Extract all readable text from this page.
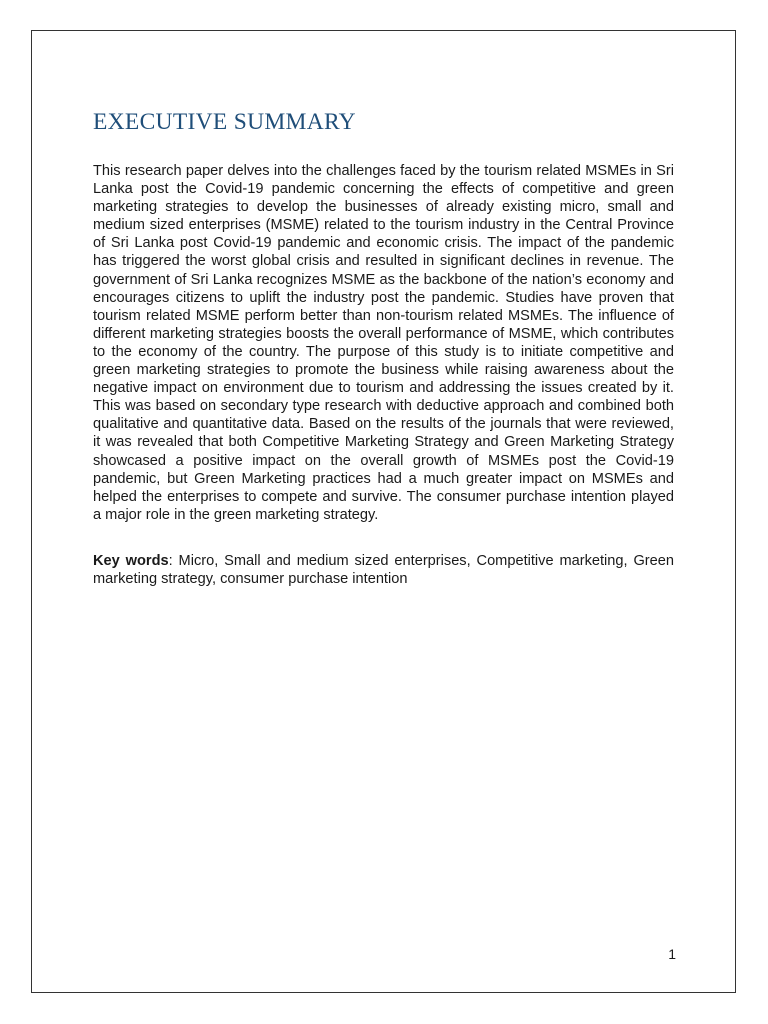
EXECUTIVE SUMMARY

This research paper delves into the challenges faced by the tourism related MSMEs in Sri Lanka post the Covid-19 pandemic concerning the effects of competitive and green marketing strategies to develop the businesses of already existing micro, small and medium sized enterprises (MSME) related to the tourism industry in the Central Province of Sri Lanka post Covid-19 pandemic and economic crisis. The impact of the pandemic has triggered the worst global crisis and resulted in significant declines in revenue. The government of Sri Lanka recognizes MSME as the backbone of the nation’s economy and encourages citizens to uplift the industry post the pandemic. Studies have proven that tourism related MSME perform better than non-tourism related MSMEs. The influence of different marketing strategies boosts the overall performance of MSME, which contributes to the economy of the country. The purpose of this study is to initiate competitive and green marketing strategies to promote the business while raising awareness about the negative impact on environment due to tourism and addressing the issues created by it. This was based on secondary type research with deductive approach and combined both qualitative and quantitative data. Based on the results of the journals that were reviewed, it was revealed that both Competitive Marketing Strategy and Green Marketing Strategy showcased a positive impact on the overall growth of MSMEs post the Covid-19 pandemic, but Green Marketing practices had a much greater impact on MSMEs and helped the enterprises to compete and survive. The consumer purchase intention played a major role in the green marketing strategy.

Key words: Micro, Small and medium sized enterprises, Competitive marketing, Green marketing strategy, consumer purchase intention

1
